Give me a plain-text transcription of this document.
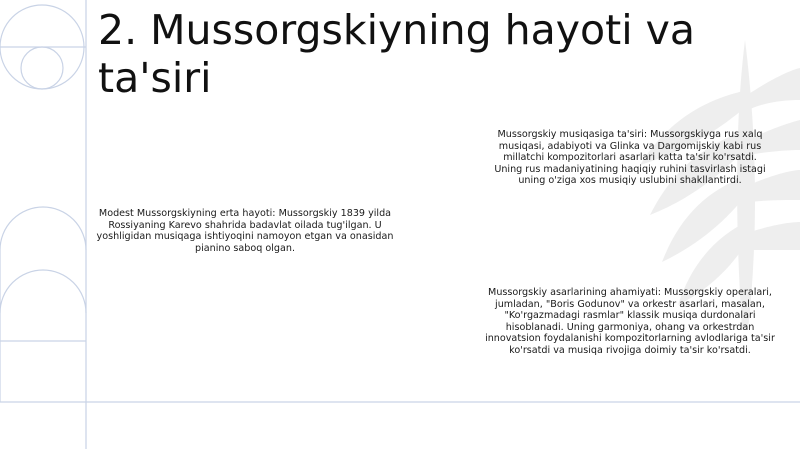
2. Mussorgskiyning hayoti va ta'siri

Modest Mussorgskiyning erta hayoti: Mussorgskiy 1839 yilda Rossiyaning Karevo shahrida badavlat oilada tug'ilgan. U yoshligidan musiqaga ishtiyoqini namoyon etgan va onasidan pianino saboq olgan.

Mussorgskiy musiqasiga ta'siri: Mussorgskiyga rus xalq musiqasi, adabiyoti va Glinka va Dargomijskiy kabi rus millatchi kompozitorlari asarlari katta ta'sir ko'rsatdi. Uning rus madaniyatining haqiqiy ruhini tasvirlash istagi uning o'ziga xos musiqiy uslubini shakllantirdi.

Mussorgskiy asarlarining ahamiyati: Mussorgskiy operalari, jumladan, "Boris Godunov" va orkestr asarlari, masalan, "Ko'rgazmadagi rasmlar" klassik musiqa durdonalari hisoblanadi. Uning garmoniya, ohang va orkestrdan innovatsion foydalanishi kompozitorlarning avlodlariga ta'sir ko'rsatdi va musiqa rivojiga doimiy ta'sir ko'rsatdi.
